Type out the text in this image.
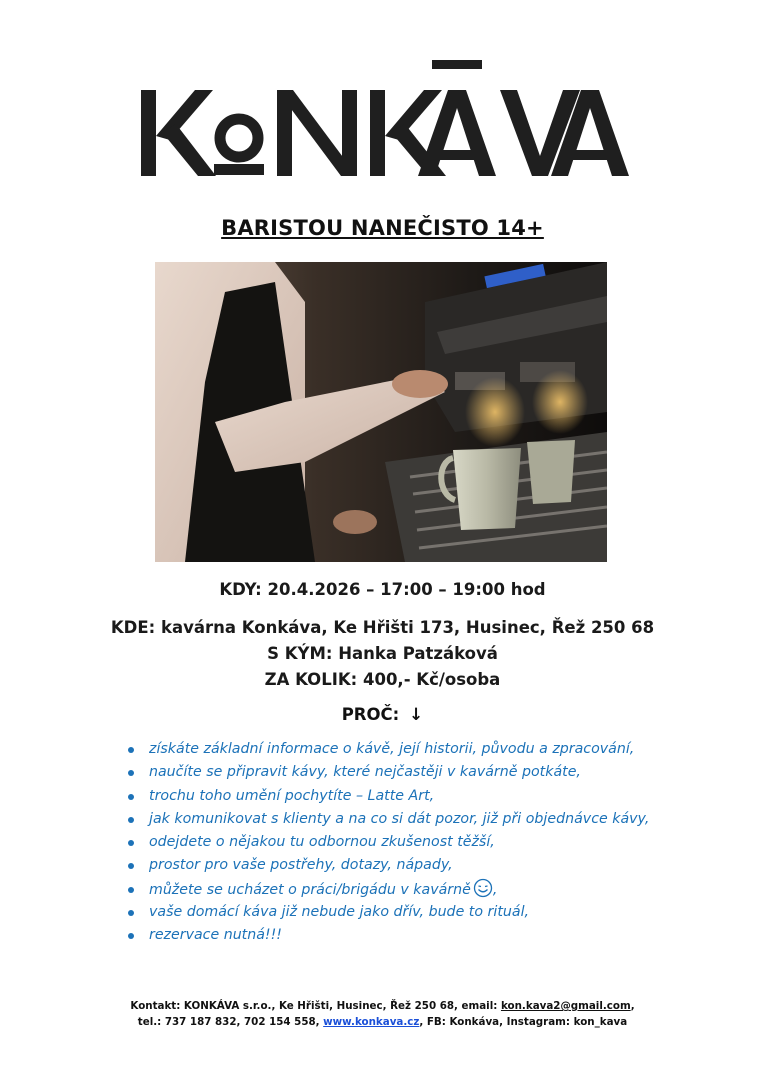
BARISTOU NANEČISTO 14+
KDY: 20.4.2026 – 17:00 – 19:00 hod
KDE: kavárna Konkáva, Ke Hřišti 173, Husinec, Řež 250 68
S KÝM: Hanka Patzáková
ZA KOLIK: 400,- Kč/osoba
PROČ: ↓
získáte základní informace o kávě, její historii, původu a zpracování,
naučíte se připravit kávy, které nejčastěji v kavárně potkáte,
trochu toho umění pochytíte – Latte Art,
jak komunikovat s klienty a na co si dát pozor, již při objednávce kávy,
odejdete o nějakou tu odbornou zkušenost těžší,
prostor pro vaše postřehy, dotazy, nápady,
můžete se ucházet o práci/brigádu v kavárně ,
vaše domácí káva již nebude jako dřív, bude to rituál,
rezervace nutná!!!
Kontakt: KONKÁVA s.r.o., Ke Hřišti, Husinec, Řež 250 68, email: kon.kava2@gmail.com,
tel.: 737 187 832, 702 154 558, www.konkava.cz, FB: Konkáva, Instagram: kon_kava
